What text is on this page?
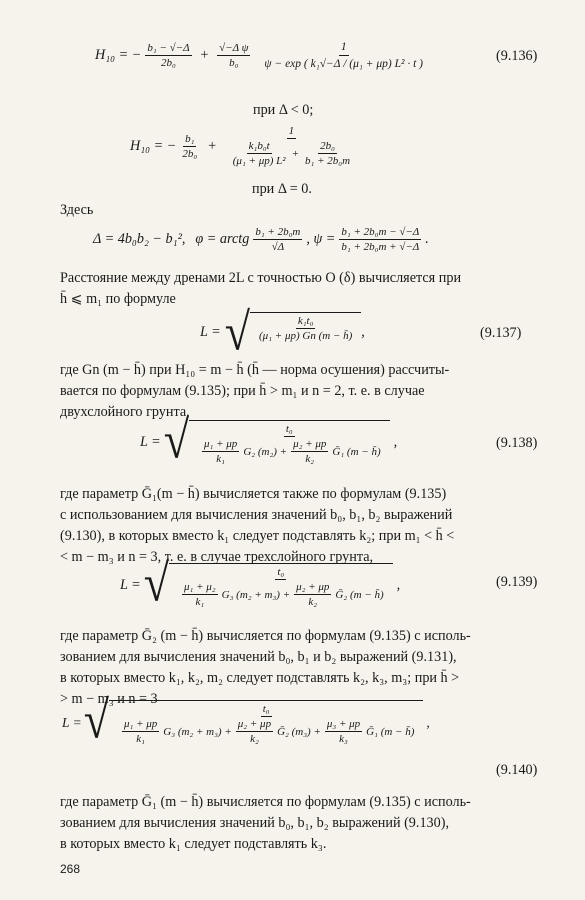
H₁₀ = − $\frac{\text{b₁ − √−Δ}}{\text{2b₀}} + \frac{\text{√−Δ ψ}}{\text{b₀}} \frac{1}{\text{ψ − exp ( k₁√−Δ / (μ₁ + μp) L² · t )}}$	(9.136)
при Δ < 0;
H₁₀ = − $\frac{\text{b₁}}{\text{2b₀}}$ +
1
$\frac{\text{k₁b₀t}}{\text{(μ₁ + μp) L²}} + \frac{\text{2b₀}}{\text{b₁ + 2b₀m}}$
при Δ = 0.
Здесь
Δ = 4b₀b₂ − b₁², φ = arctg $\frac{\text{b₁ + 2b₀m}}{√\Delta}$ , $\psi = \frac{\text{b₁ + 2b₀m − √−Δ}}{\text{b₁ + 2b₀m + √−Δ}}$ .
Расстояние между дренами 2L с точностью O (δ) вычисляется при
h̄ ⩽ m₁ по формуле
L = √ $\frac{\text{k₁t₀}}{\text{(μ₁ + μp) Gn (m − h̄)}}$ ,	(9.137)
где Gn (m − h̄) при H₁₀ = m − h̄ (h̄ — норма осушения) рассчиты-
вается по формулам (9.135); при h̄ > m₁ и n = 2, т. е. в случае
двухслойного грунта,
L = √	t₀
$\frac{\text{μ₁ + μp}}{\text{k₁}} G_2$ $(m_2) + \frac{\text{μ₂ + μp}}{\text{k₂}}$ Ḡ₁ (m − h̄)
,	(9.138)
где параметр Ḡ₁(m − h̄) вычисляется также по формулам (9.135)
с использованием для вычисления значений b₀, b₁, b₂ выражений
(9.130), в которых вместо k₁ следует подставлять k₂; при m₁ < h̄ <
< m − m₃ и n = 3, т. е. в случае трехслойного грунта,
L = √	t₀
$\frac{\text{μ₁ + μ₂}}{\text{k₁}} G_3$ $(m_2 + m_3) + \frac{\text{μ₂ + μp}}{\text{k₂}}$ Ḡ₂ (m − h̄)
,	(9.139)
где параметр Ḡ₂ (m − h̄) вычисляется по формулам (9.135) с исполь-
зованием для вычисления значений b₀, b₁ и b₂ выражений (9.131),
в которых вместо k₁, k₂, m₂ следует подставлять k₂, k₃, m₃; при h̄ >
> m − m₃ и n = 3
L = √	t₀
$\frac{\text{μ₁ + μp}}{\text{k₁}} G_3$ $(m_2 + m_3) + \frac{\text{μ₂ + μp}}{\text{k₂}}$ Ḡ₂ $(m_3) + \frac{\text{μ₃ + μp}}{\text{k₃}}$ Ḡ₁ (m − h̄)
,
(9.140)
где параметр Ḡ₁ (m − h̄) вычисляется по формулам (9.135) с исполь-
зованием для вычисления значений b₀, b₁, b₂ выражений (9.130),
в которых вместо k₁ следует подставлять k₃.
268
